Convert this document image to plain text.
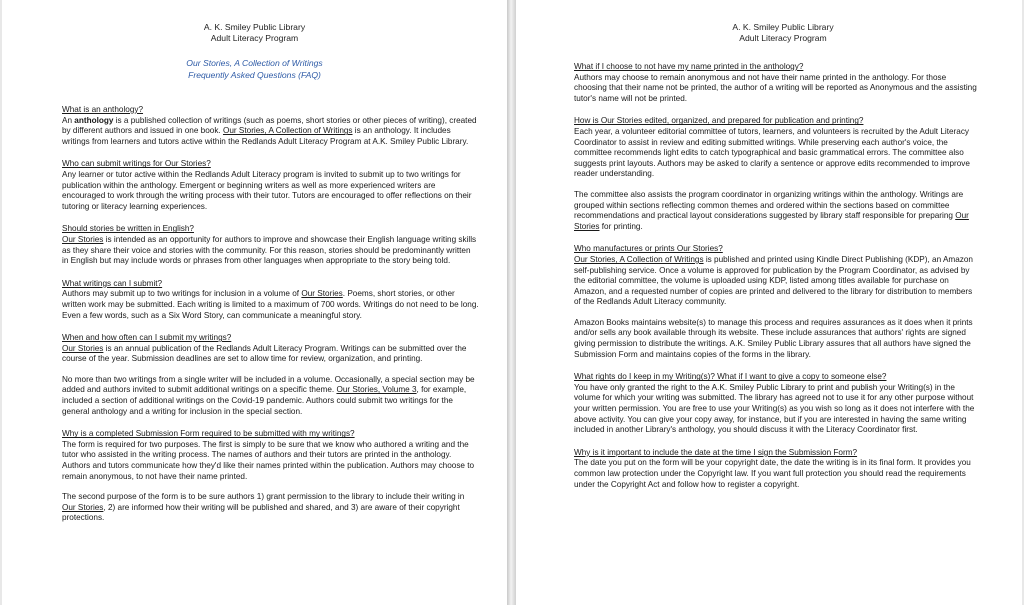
A. K. Smiley Public Library
Adult Literacy Program
Our Stories, A Collection of Writings
Frequently Asked Questions (FAQ)
What is an anthology?

An anthology is a published collection of writings (such as poems, short stories or other pieces of writing), created by different authors and issued in one book. Our Stories, A Collection of Writings is an anthology. It includes writings from learners and tutors active within the Redlands Adult Literacy Program at A.K. Smiley Public Library.

Who can submit writings for Our Stories?

Any learner or tutor active within the Redlands Adult Literacy program is invited to submit up to two writings for publication within the anthology. Emergent or beginning writers as well as more experienced writers are encouraged to work through the writing process with their tutor. Tutors are encouraged to offer reflections on their tutoring or literacy learning experiences.

Should stories be written in English?

Our Stories is intended as an opportunity for authors to improve and showcase their English language writing skills as they share their voice and stories with the community. For this reason, stories should be predominantly written in English but may include words or phrases from other languages when appropriate to the story being told.

What writings can I submit?

Authors may submit up to two writings for inclusion in a volume of Our Stories. Poems, short stories, or other written work may be submitted. Each writing is limited to a maximum of 700 words. Writings do not need to be long. Even a few words, such as a Six Word Story, can communicate a meaningful story.

When and how often can I submit my writings?

Our Stories is an annual publication of the Redlands Adult Literacy Program. Writings can be submitted over the course of the year. Submission deadlines are set to allow time for review, organization, and printing.

No more than two writings from a single writer will be included in a volume. Occasionally, a special section may be added and authors invited to submit additional writings on a specific theme. Our Stories, Volume 3, for example, included a section of additional writings on the Covid-19 pandemic. Authors could submit two writings for the general anthology and a writing for inclusion in the special section.

Why is a completed Submission Form required to be submitted with my writings?

The form is required for two purposes. The first is simply to be sure that we know who authored a writing and the tutor who assisted in the writing process. The names of authors and their tutors are printed in the anthology. Authors and tutors communicate how they'd like their names printed within the publication. Authors may choose to remain anonymous, to not have their name printed.

The second purpose of the form is to be sure authors 1) grant permission to the library to include their writing in Our Stories, 2) are informed how their writing will be published and shared, and 3) are aware of their copyright protections.

A. K. Smiley Public Library
Adult Literacy Program
What if I choose to not have my name printed in the anthology?

Authors may choose to remain anonymous and not have their name printed in the anthology. For those choosing that their name not be printed, the author of a writing will be reported as Anonymous and the assisting tutor's name will not be printed.

How is Our Stories edited, organized, and prepared for publication and printing?

Each year, a volunteer editorial committee of tutors, learners, and volunteers is recruited by the Adult Literacy Coordinator to assist in review and editing submitted writings. While preserving each author's voice, the committee recommends light edits to catch typographical and basic grammatical errors. The committee also suggests print layouts. Authors may be asked to clarify a sentence or approve edits recommended to improve reader understanding.

The committee also assists the program coordinator in organizing writings within the anthology. Writings are grouped within sections reflecting common themes and ordered within the sections based on committee recommendations and practical layout considerations suggested by library staff responsible for preparing Our Stories for printing.

Who manufactures or prints Our Stories?

Our Stories, A Collection of Writings is published and printed using Kindle Direct Publishing (KDP), an Amazon self-publishing service. Once a volume is approved for publication by the Program Coordinator, as advised by the editorial committee, the volume is uploaded using KDP, listed among titles available for purchase on Amazon, and a requested number of copies are printed and delivered to the library for distribution to members of the Redlands Adult Literacy community.

Amazon Books maintains website(s) to manage this process and requires assurances as it does when it prints and/or sells any book available through its website. These include assurances that authors' rights are signed giving permission to distribute the writings. A.K. Smiley Public Library assures that all authors have signed the Submission Form and maintains copies of the forms in the library.

What rights do I keep in my Writing(s)? What if I want to give a copy to someone else?

You have only granted the right to the A.K. Smiley Public Library to print and publish your Writing(s) in the volume for which your writing was submitted. The library has agreed not to use it for any other purpose without your written permission. You are free to use your Writing(s) as you wish so long as it does not interfere with the above activity. You can give your copy away, for instance, but if you are interested in having the same writing included in another Library's anthology, you should discuss it with the Literacy Coordinator first.

Why is it important to include the date at the time I sign the Submission Form?

The date you put on the form will be your copyright date, the date the writing is in its final form. It provides you common law protection under the Copyright law. If you want full protection you should read the requirements under the Copyright Act and follow how to register a copyright.
